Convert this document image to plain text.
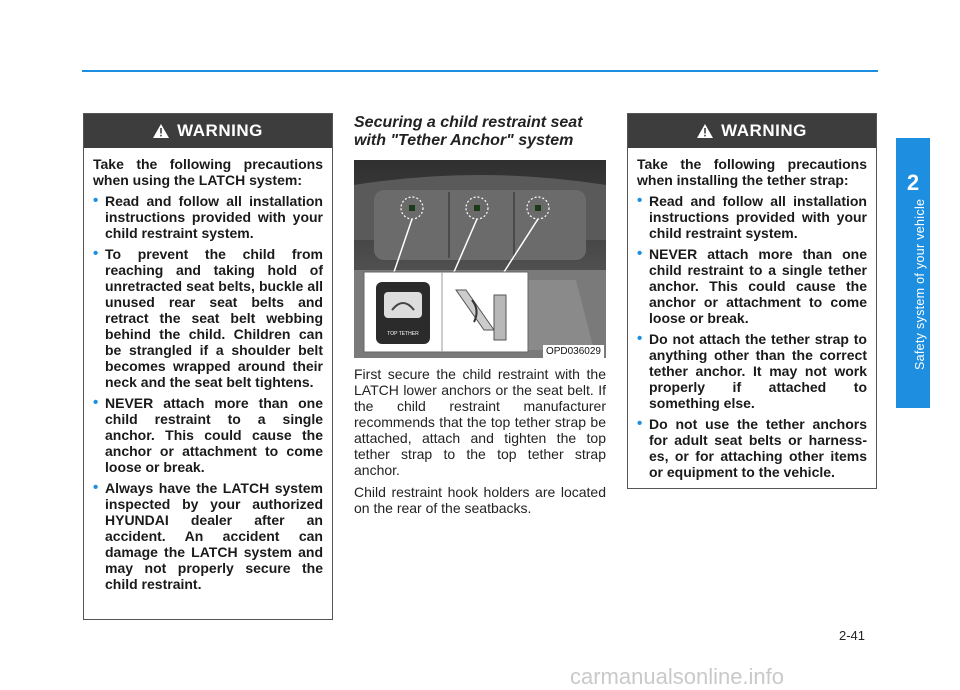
WARNING

Take the following precautions when using the LATCH system:

• Read and follow all installation instructions provided with your child restraint system.
• To prevent the child from reaching and taking hold of unretracted seat belts, buckle all unused rear seat belts and retract the seat belt webbing behind the child. Children can be strangled if a shoulder belt becomes wrapped around their neck and the seat belt tightens.
• NEVER attach more than one child restraint to a single anchor. This could cause the anchor or attachment to come loose or break.
• Always have the LATCH system inspected by your authorized HYUNDAI dealer after an accident. An accident can damage the LATCH system and may not properly secure the child restraint.
Securing a child restraint seat with "Tether Anchor" system
TOP TETHER
OPD036029

First secure the child restraint with the LATCH lower anchors or the seat belt. If the child restraint manufacturer recommends that the top tether strap be attached, attach and tighten the top tether strap to the top tether strap anchor.

Child restraint hook holders are located on the rear of the seatbacks.

WARNING

Take the following precautions when installing the tether strap:

• Read and follow all installation instructions provided with your child restraint system.
• NEVER attach more than one child restraint to a single tether anchor. This could cause the anchor or attachment to come loose or break.
• Do not attach the tether strap to anything other than the correct tether anchor. It may not work properly if attached to something else.
• Do not use the tether anchors for adult seat belts or harness-es, or for attaching other items or equipment to the vehicle.
2
Safety system of your vehicle
2-41
carmanualsonline.info
